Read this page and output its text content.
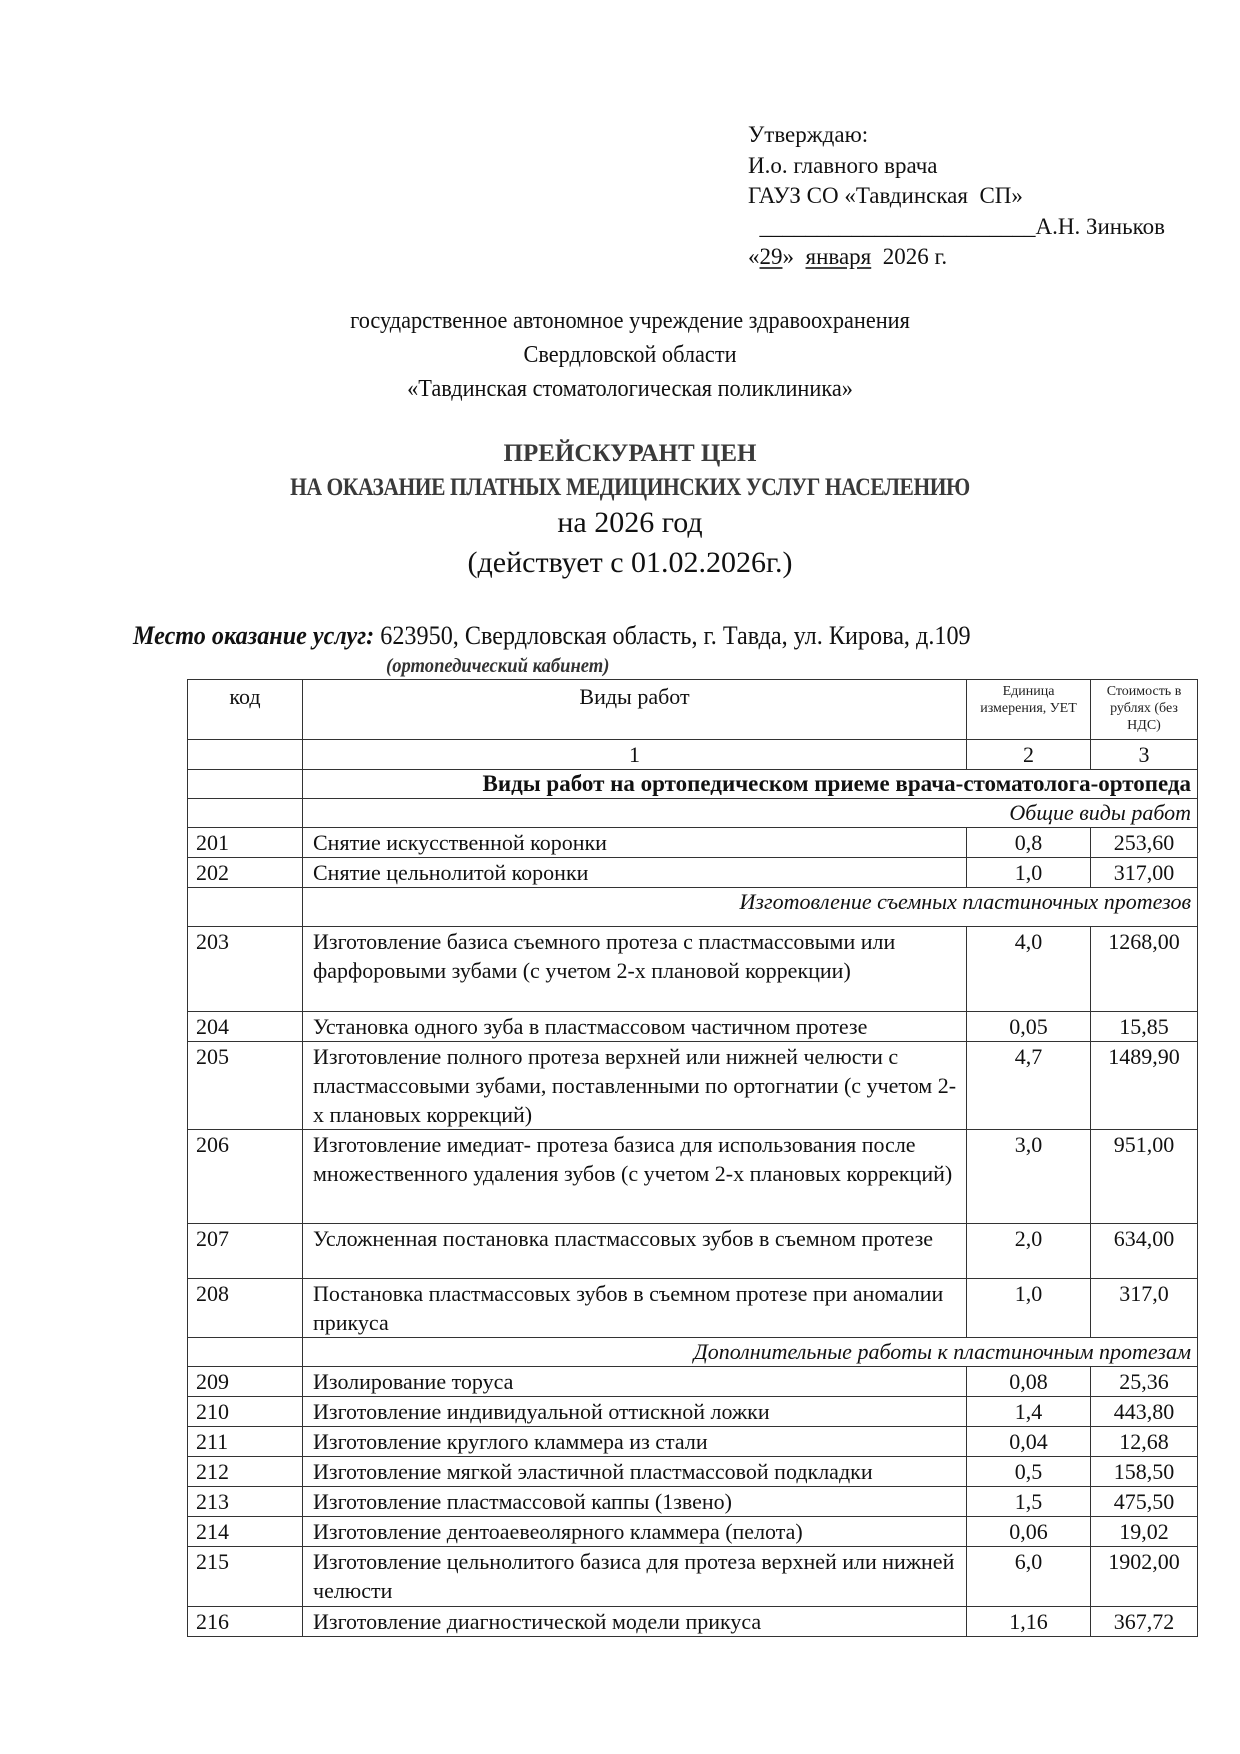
Утверждаю:
И.о. главного врача
ГАУЗ СО «Тавдинская  СП»
________________________А.Н. Зиньков
«29»  января  2026 г.
государственное автономное учреждение здравоохранения
Свердловской области
«Тавдинская стоматологическая поликлиника»
ПРЕЙСКУРАНТ ЦЕН
НА ОКАЗАНИЕ ПЛАТНЫХ МЕДИЦИНСКИХ УСЛУГ НАСЕЛЕНИЮ
на 2026 год
(действует с 01.02.2026г.)
Место оказание услуг: 623950, Свердловская область, г. Тавда, ул. Кирова, д.109
(ортопедический кабинет)
код	Виды работ	Единица измерения, УЕТ	Стоимость в рублях (без НДС)
	1	2	3
	Виды работ на ортопедическом приеме врача-стоматолога-ортопеда		
	Общие виды работ		
201	Снятие искусственной коронки	0,8	253,60
202	Снятие цельнолитой коронки	1,0	317,00
	Изготовление съемных пластиночных протезов		
203	Изготовление базиса съемного протеза с пластмассовыми или фарфоровыми зубами (с учетом 2-х плановой коррекции)	4,0	1268,00
204	Установка одного зуба в пластмассовом частичном протезе	0,05	15,85
205	Изготовление полного протеза верхней или нижней челюсти с пластмассовыми зубами, поставленными по ортогнатии (с учетом 2-х плановых коррекций)	4,7	1489,90
206	Изготовление имедиат- протеза базиса для использования после множественного удаления зубов (с учетом 2-х плановых коррекций)	3,0	951,00
207	Усложненная постановка пластмассовых зубов в съемном протезе	2,0	634,00
208	Постановка пластмассовых зубов в съемном протезе при аномалии прикуса	1,0	317,0
	Дополнительные работы к пластиночным протезам		
209	Изолирование торуса	0,08	25,36
210	Изготовление индивидуальной оттискной ложки	1,4	443,80
211	Изготовление круглого кламмера из стали	0,04	12,68
212	Изготовление мягкой эластичной пластмассовой подкладки	0,5	158,50
213	Изготовление пластмассовой каппы (1звено)	1,5	475,50
214	Изготовление дентоаевеолярного кламмера (пелота)	0,06	19,02
215	Изготовление цельнолитого базиса для протеза верхней или нижней челюсти	6,0	1902,00
216	Изготовление диагностической модели прикуса	1,16	367,72
